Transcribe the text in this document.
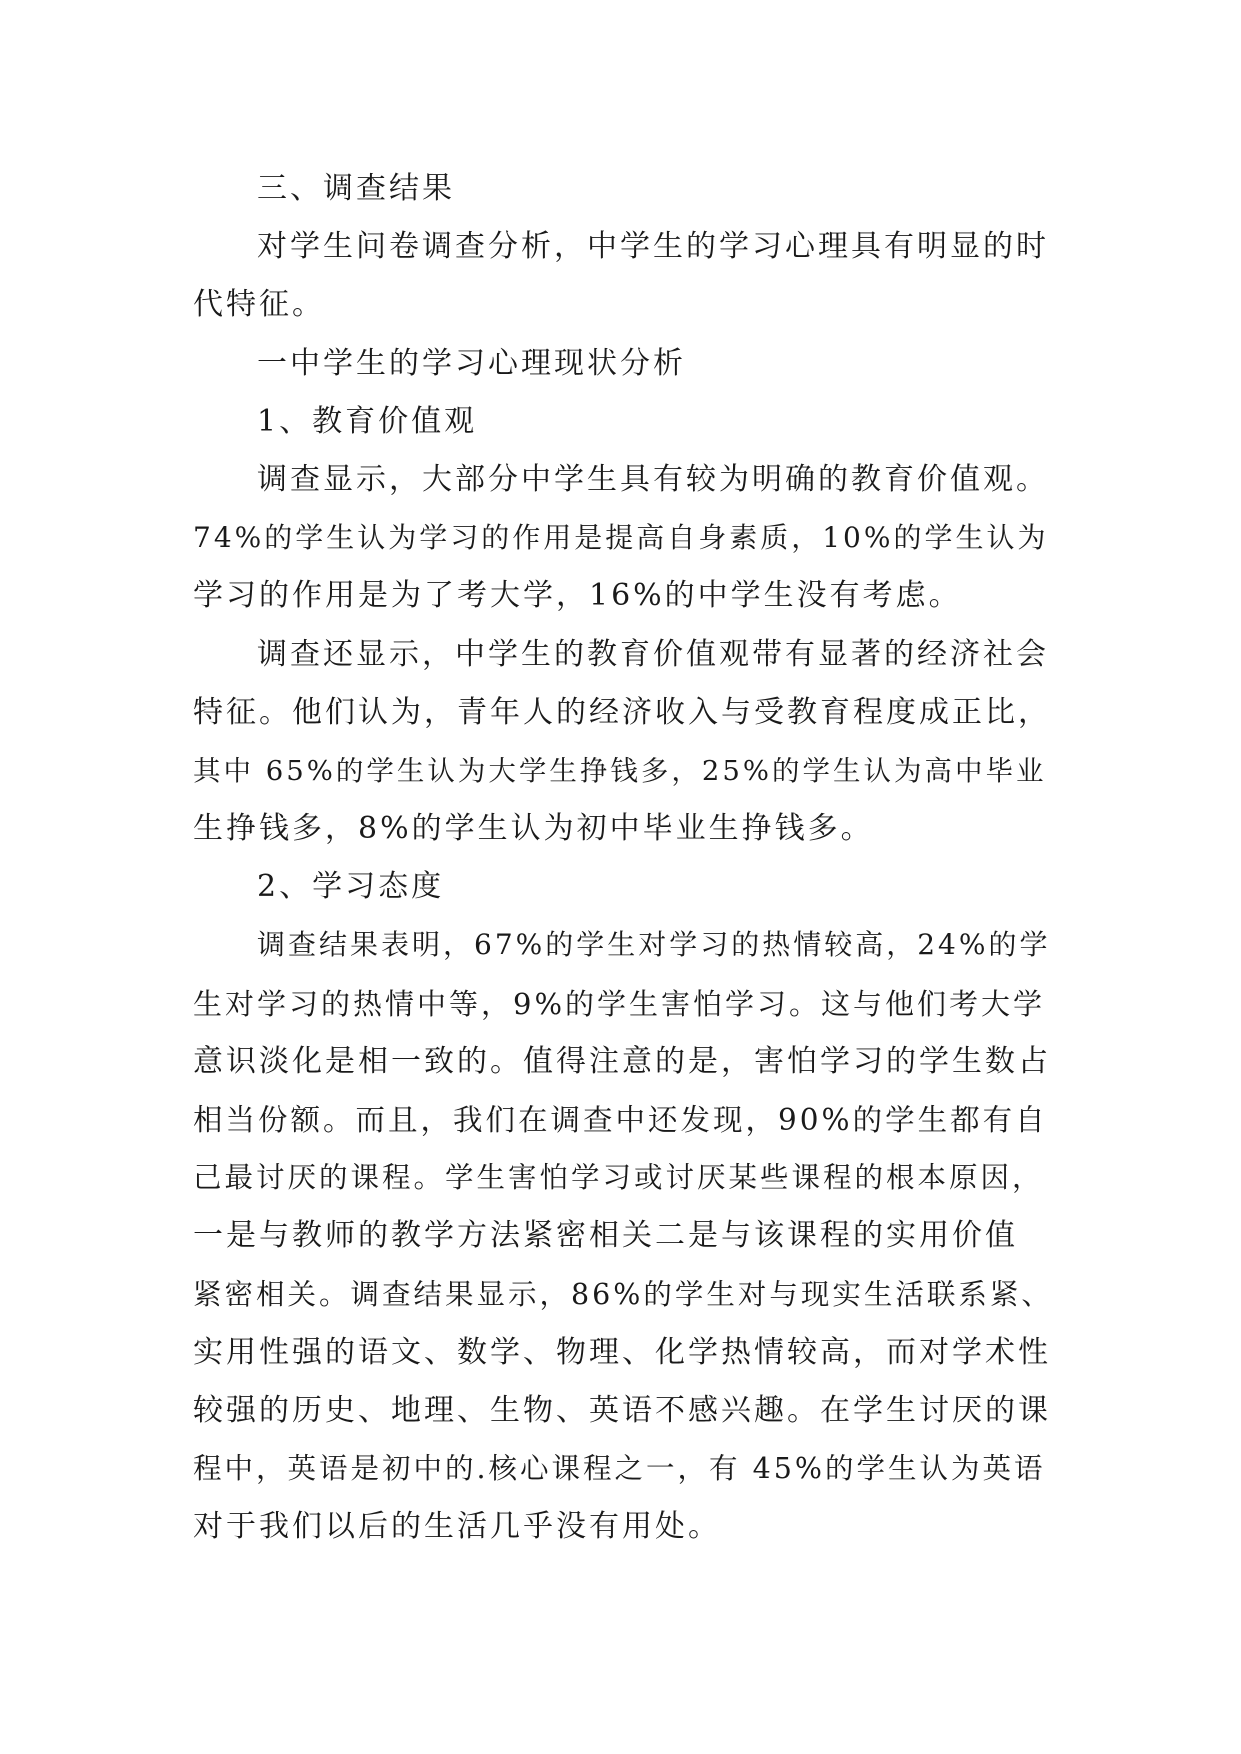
三、调查结果
对学生问卷调查分析，中学生的学习心理具有明显的时
代特征。
一中学生的学习心理现状分析
1、教育价值观
调查显示，大部分中学生具有较为明确的教育价值观。
74%的学生认为学习的作用是提高自身素质，10%的学生认为
学习的作用是为了考大学，16%的中学生没有考虑。
调查还显示，中学生的教育价值观带有显著的经济社会
特征。他们认为，青年人的经济收入与受教育程度成正比，
其中 65%的学生认为大学生挣钱多，25%的学生认为高中毕业
生挣钱多，8%的学生认为初中毕业生挣钱多。
2、学习态度
调查结果表明，67%的学生对学习的热情较高，24%的学
生对学习的热情中等，9%的学生害怕学习。这与他们考大学
意识淡化是相一致的。值得注意的是，害怕学习的学生数占
相当份额。而且，我们在调查中还发现，90%的学生都有自
己最讨厌的课程。学生害怕学习或讨厌某些课程的根本原因，
一是与教师的教学方法紧密相关二是与该课程的实用价值
紧密相关。调查结果显示，86%的学生对与现实生活联系紧、
实用性强的语文、数学、物理、化学热情较高，而对学术性
较强的历史、地理、生物、英语不感兴趣。在学生讨厌的课
程中，英语是初中的.核心课程之一，有 45%的学生认为英语
对于我们以后的生活几乎没有用处。
